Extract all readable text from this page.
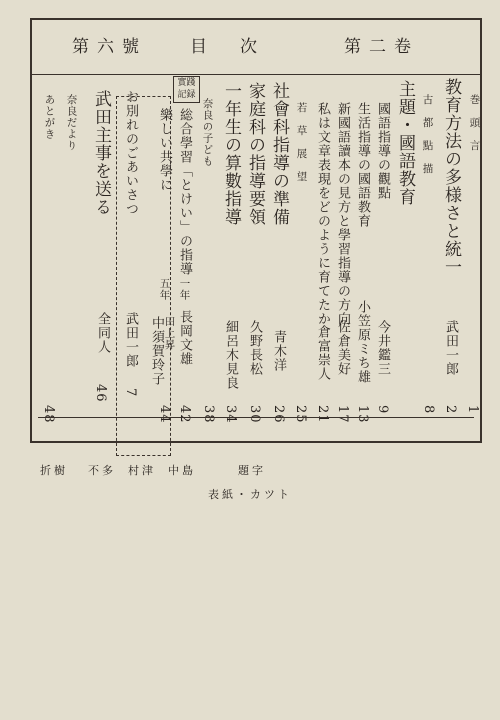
目　次	第二卷
第六號
巻　頭　言
1
教育方法の多様さと統一
武田一郎
2
古　都　點　描
8
主題・國語教育
國語指導の觀點
今井鑑三
9
生活指導の國語教育
小笠原ミち雄
13
新國語讀本の見方と學習指導の方向
佐倉美好
17
私は文章表現をどのように育てたか
倉富崇人
21
若　草　展　望
25
社會科指導の準備
青木洋
26
家庭科の指導要領
久野長松
30
一年生の算數指導
細呂木見良
34
奈良の子ども
38
實踐記録
総合學習「とけい」の指導
一年
長岡文雄
42
樂しい共學に
五年
田上昇
中須賀玲子
44
お別れのごあいさつ
武田一郎
7
武田主事を送る
全同人
46
奈良だより
あとがき
48
折樹 不多 村津 中島	題字
表紙・カツト
